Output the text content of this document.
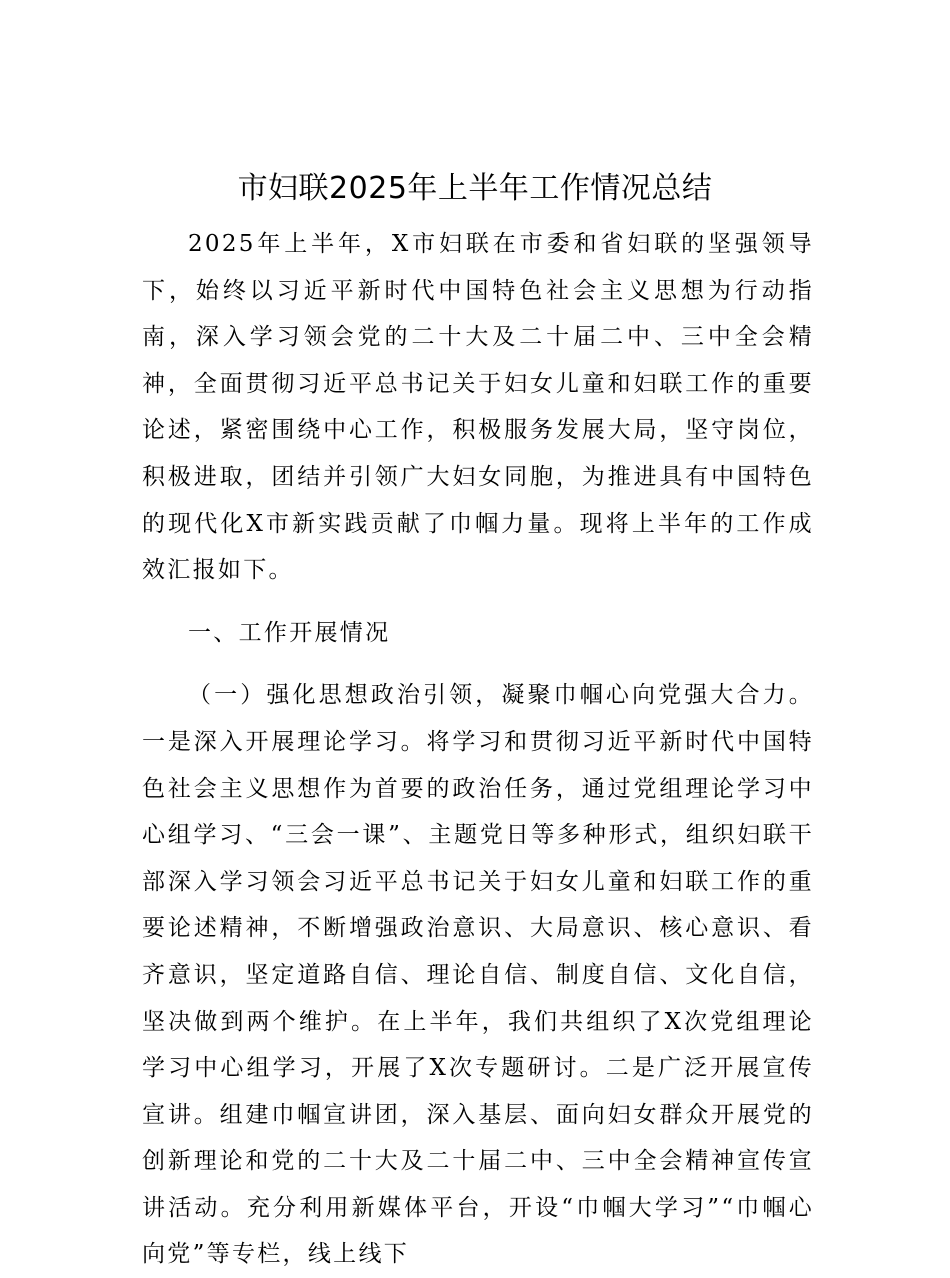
市妇联2025年上半年工作情况总结

2025年上半年，X市妇联在市委和省妇联的坚强领导下，始终以习近平新时代中国特色社会主义思想为行动指南，深入学习领会党的二十大及二十届二中、三中全会精神，全面贯彻习近平总书记关于妇女儿童和妇联工作的重要论述，紧密围绕中心工作，积极服务发展大局，坚守岗位，积极进取，团结并引领广大妇女同胞，为推进具有中国特色的现代化X市新实践贡献了巾帼力量。现将上半年的工作成效汇报如下。

一、工作开展情况

（一）强化思想政治引领，凝聚巾帼心向党强大合力。一是深入开展理论学习。将学习和贯彻习近平新时代中国特色社会主义思想作为首要的政治任务，通过党组理论学习中心组学习、“三会一课”、主题党日等多种形式，组织妇联干部深入学习领会习近平总书记关于妇女儿童和妇联工作的重要论述精神，不断增强政治意识、大局意识、核心意识、看齐意识，坚定道路自信、理论自信、制度自信、文化自信，坚决做到两个维护。在上半年，我们共组织了X次党组理论学习中心组学习，开展了X次专题研讨。二是广泛开展宣传宣讲。组建巾帼宣讲团，深入基层、面向妇女群众开展党的创新理论和党的二十大及二十届二中、三中全会精神宣传宣讲活动。充分利用新媒体平台，开设“巾帼大学习”“巾帼心向党”等专栏，线上线下
